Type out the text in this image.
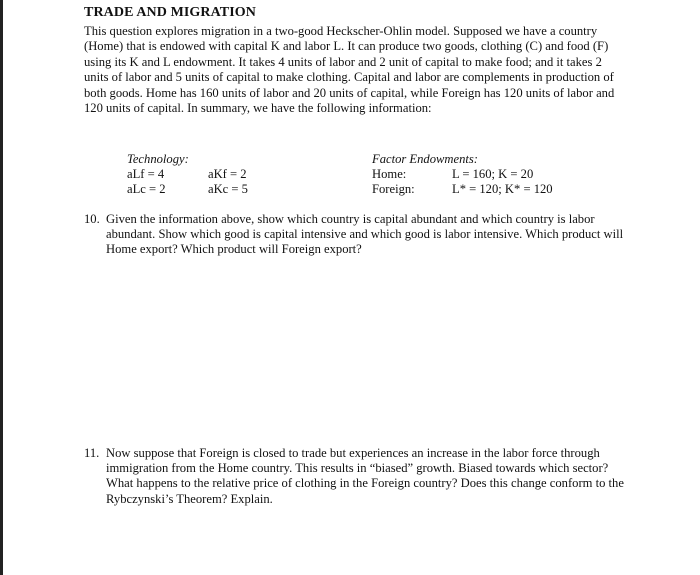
TRADE AND MIGRATION
This question explores migration in a two-good Heckscher-Ohlin model. Supposed we have a country (Home) that is endowed with capital K and labor L. It can produce two goods, clothing (C) and food (F) using its K and L endowment. It takes 4 units of labor and 2 unit of capital to make food; and it takes 2 units of labor and 5 units of capital to make clothing. Capital and labor are complements in production of both goods. Home has 160 units of labor and 20 units of capital, while Foreign has 120 units of labor and 120 units of capital. In summary, we have the following information:
Technology:
aLf = 4	aKf = 2
aLc = 2	aKc = 5
Factor Endowments:
Home:	L = 160; K = 20
Foreign:	L* = 120; K* = 120
10. Given the information above, show which country is capital abundant and which country is labor abundant. Show which good is capital intensive and which good is labor intensive. Which product will Home export? Which product will Foreign export?
11. Now suppose that Foreign is closed to trade but experiences an increase in the labor force through immigration from the Home country. This results in “biased” growth. Biased towards which sector? What happens to the relative price of clothing in the Foreign country? Does this change conform to the Rybczynski’s Theorem? Explain.
